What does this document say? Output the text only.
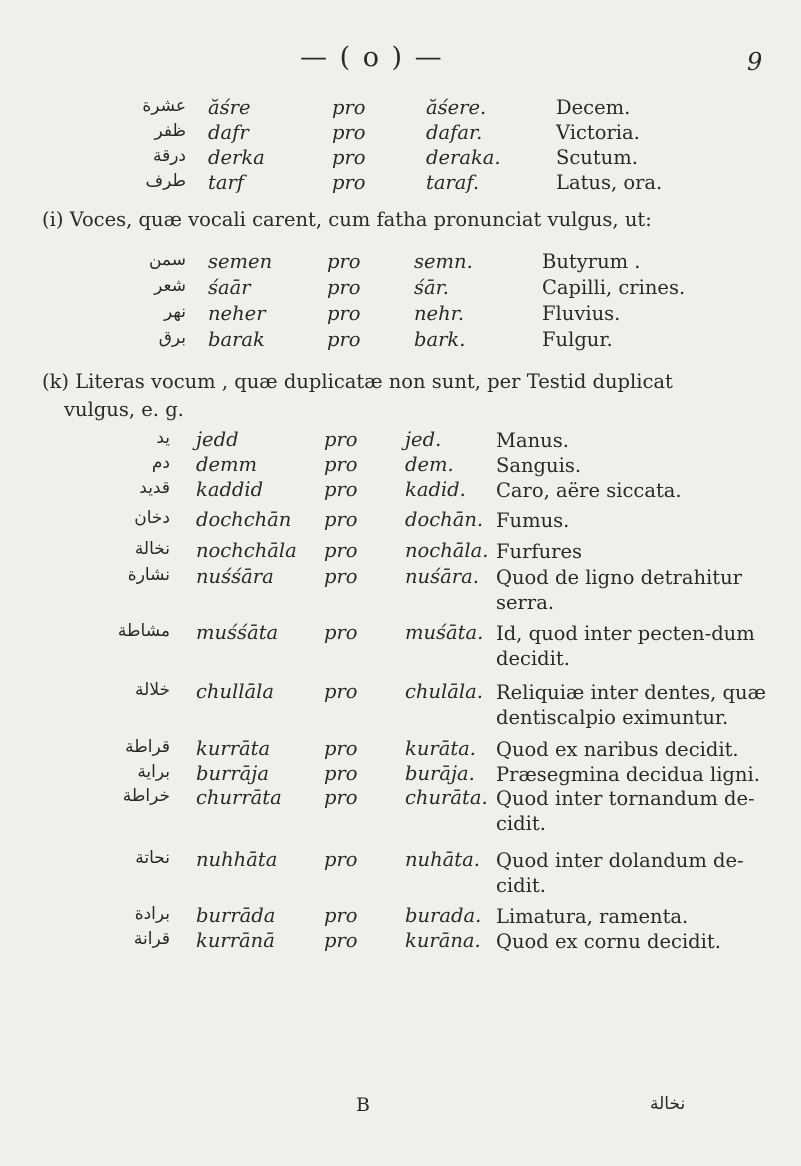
— ( o ) —	9
عشرة ăśre	pro	ăśere.	Decem.
ظفر dafr	pro	dafar.	Victoria.
درقة derka	pro	deraka.	Scutum.
طرف tarf	pro	taraf.	Latus, ora.
(i) Voces, quæ vocali carent, cum fatha pronunciat vulgus, ut:
سمن semen	pro	semn.	Butyrum .
شعر śaār	pro	śār.	Capilli, crines.
نهر neher	pro	nehr.	Fluvius.
برق barak	pro	bark.	Fulgur.
(k) Literas vocum , quæ duplicatæ non sunt, per Testid duplicat
vulgus, e. g.
يد jedd	pro jed.	Manus.
دم demm	pro dem. Sanguis.
قديد kaddid	pro kadid. Caro, aëre siccata.
دخان dochchān pro dochān. Fumus.
نخالة nochchāla pro nochāla. Furfures
نشارة nuśśāra	pro nuśāra. Quod de ligno detrahitur serra.
مشاطة muśśāta pro muśāta. Id, quod inter pecten-dum decidit.
خلالة chullāla	pro chulāla. Reliquiæ inter dentes, quæ dentiscalpio eximuntur.
قراطة kurrāta	pro kurāta. Quod ex naribus decidit.
براية burrāja	pro burāja. Præsegmina decidua ligni.
خراطة churrāta pro churāta. Quod inter tornandum de-cidit.
نحاتة nuhhāta pro nuhāta. Quod inter dolandum de-cidit.
برادة burrāda pro burada. Limatura, ramenta.
قرانة kurrānā	pro kurāna. Quod ex cornu decidit.
B	نخالة
